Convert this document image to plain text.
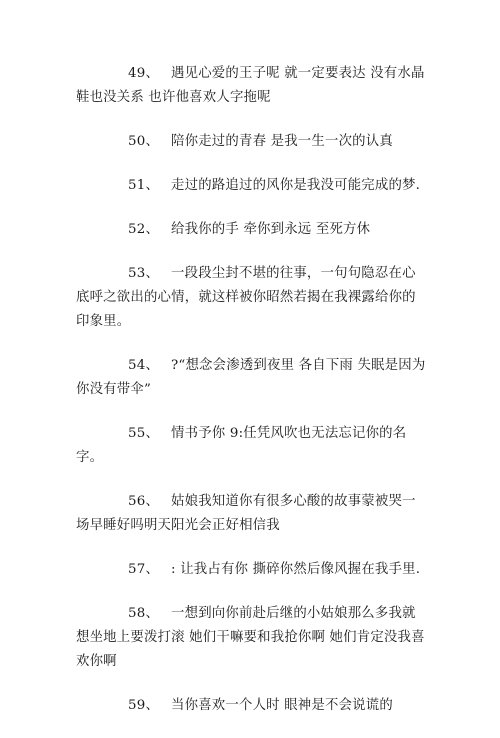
49、 遇见心爱的王子呢 就一定要表达 没有水晶鞋也没关系 也许他喜欢人字拖呢

50、 陪你走过的青春 是我一生一次的认真

51、 走过的路追过的风你是我没可能完成的梦.

52、 给我你的手 牵你到永远 至死方休

53、 一段段尘封不堪的往事，一句句隐忍在心底呼之欲出的心情，就这样被你昭然若揭在我裸露给你的印象里。

54、 ?“想念会渗透到夜里 各自下雨 失眠是因为你没有带伞”

55、 情书予你 9:任凭风吹也无法忘记你的名字。

56、 姑娘我知道你有很多心酸的故事蒙被哭一场早睡好吗明天阳光会正好相信我

57、 : 让我占有你 撕碎你然后像风握在我手里.

58、 一想到向你前赴后继的小姑娘那么多我就想坐地上要泼打滚 她们干嘛要和我抢你啊 她们肯定没我喜欢你啊

59、 当你喜欢一个人时 眼神是不会说谎的
